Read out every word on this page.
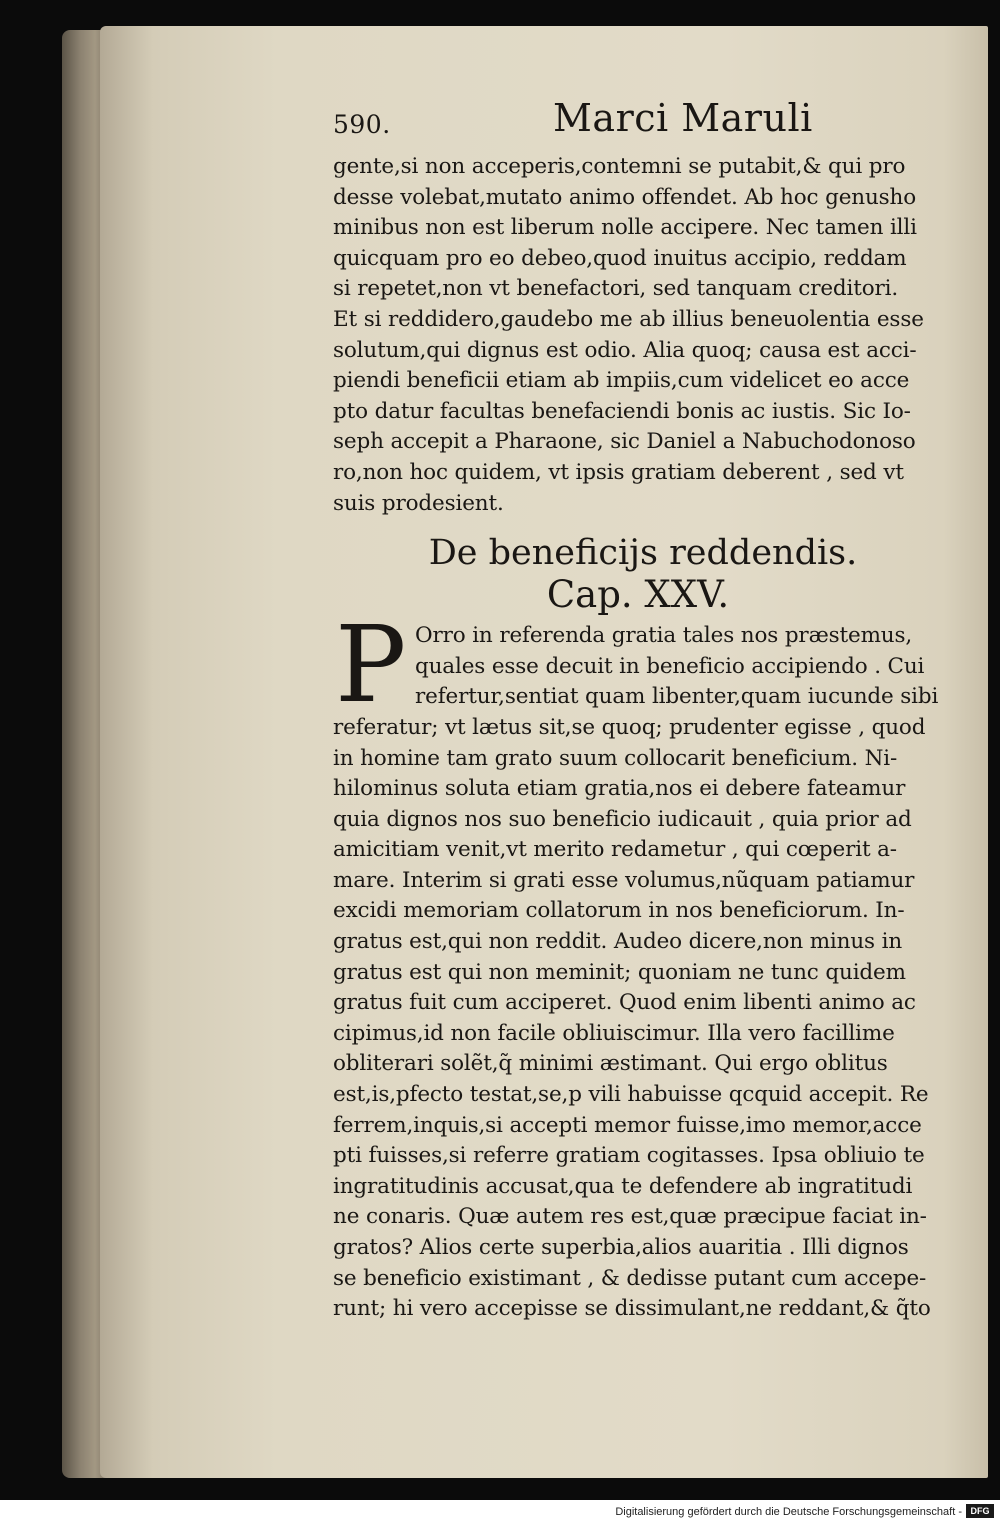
590.	Marci Maruli
gente,si non acceperis,contemni se putabit,& qui pro
desse volebat,mutato animo offendet. Ab hoc genusho
minibus non est liberum nolle accipere. Nec tamen illi
quicquam pro eo debeo,quod inuitus accipio, reddam
si repetet,non vt benefactori, sed tanquam creditori.
Et si reddidero,gaudebo me ab illius beneuolentia esse
solutum,qui dignus est odio. Alia quoq; causa est acci-
piendi beneficii etiam ab impiis,cum videlicet eo acce
pto datur facultas benefaciendi bonis ac iustis. Sic Io-
seph accepit a Pharaone, sic Daniel a Nabuchodonoso
ro,non hoc quidem, vt ipsis gratiam deberent , sed vt
suis prodesient.
De beneficijs reddendis.
Cap. XXV.
P Orro in referenda gratia tales nos præstemus,
quales esse decuit in beneficio accipiendo . Cui
refertur,sentiat quam libenter,quam iucunde sibi
referatur; vt lætus sit,se quoq; prudenter egisse , quod
in homine tam grato suum collocarit beneficium. Ni-
hilominus soluta etiam gratia,nos ei debere fateamur
quia dignos nos suo beneficio iudicauit , quia prior ad
amicitiam venit,vt merito redametur , qui cœperit a-
mare. Interim si grati esse volumus,nũquam patiamur
excidi memoriam collatorum in nos beneficiorum. In-
gratus est,qui non reddit. Audeo dicere,non minus in
gratus est qui non meminit; quoniam ne tunc quidem
gratus fuit cum acciperet. Quod enim libenti animo ac
cipimus,id non facile obliuiscimur. Illa vero facillime
obliterari solẽt,q̃ minimi æstimant. Qui ergo oblitus
est,is,pfecto testat,se,p vili habuisse qcquid accepit. Re
ferrem,inquis,si accepti memor fuisse,imo memor,acce
pti fuisses,si referre gratiam cogitasses. Ipsa obliuio te
ingratitudinis accusat,qua te defendere ab ingratitudi
ne conaris. Quæ autem res est,quæ præcipue faciat in-
gratos? Alios certe superbia,alios auaritia . Illi dignos
se beneficio existimant , & dedisse putant cum accepe-
runt; hi vero accepisse se dissimulant,ne reddant,& q̃to
Digitalisierung gefördert durch die Deutsche Forschungsgemeinschaft - DFG
